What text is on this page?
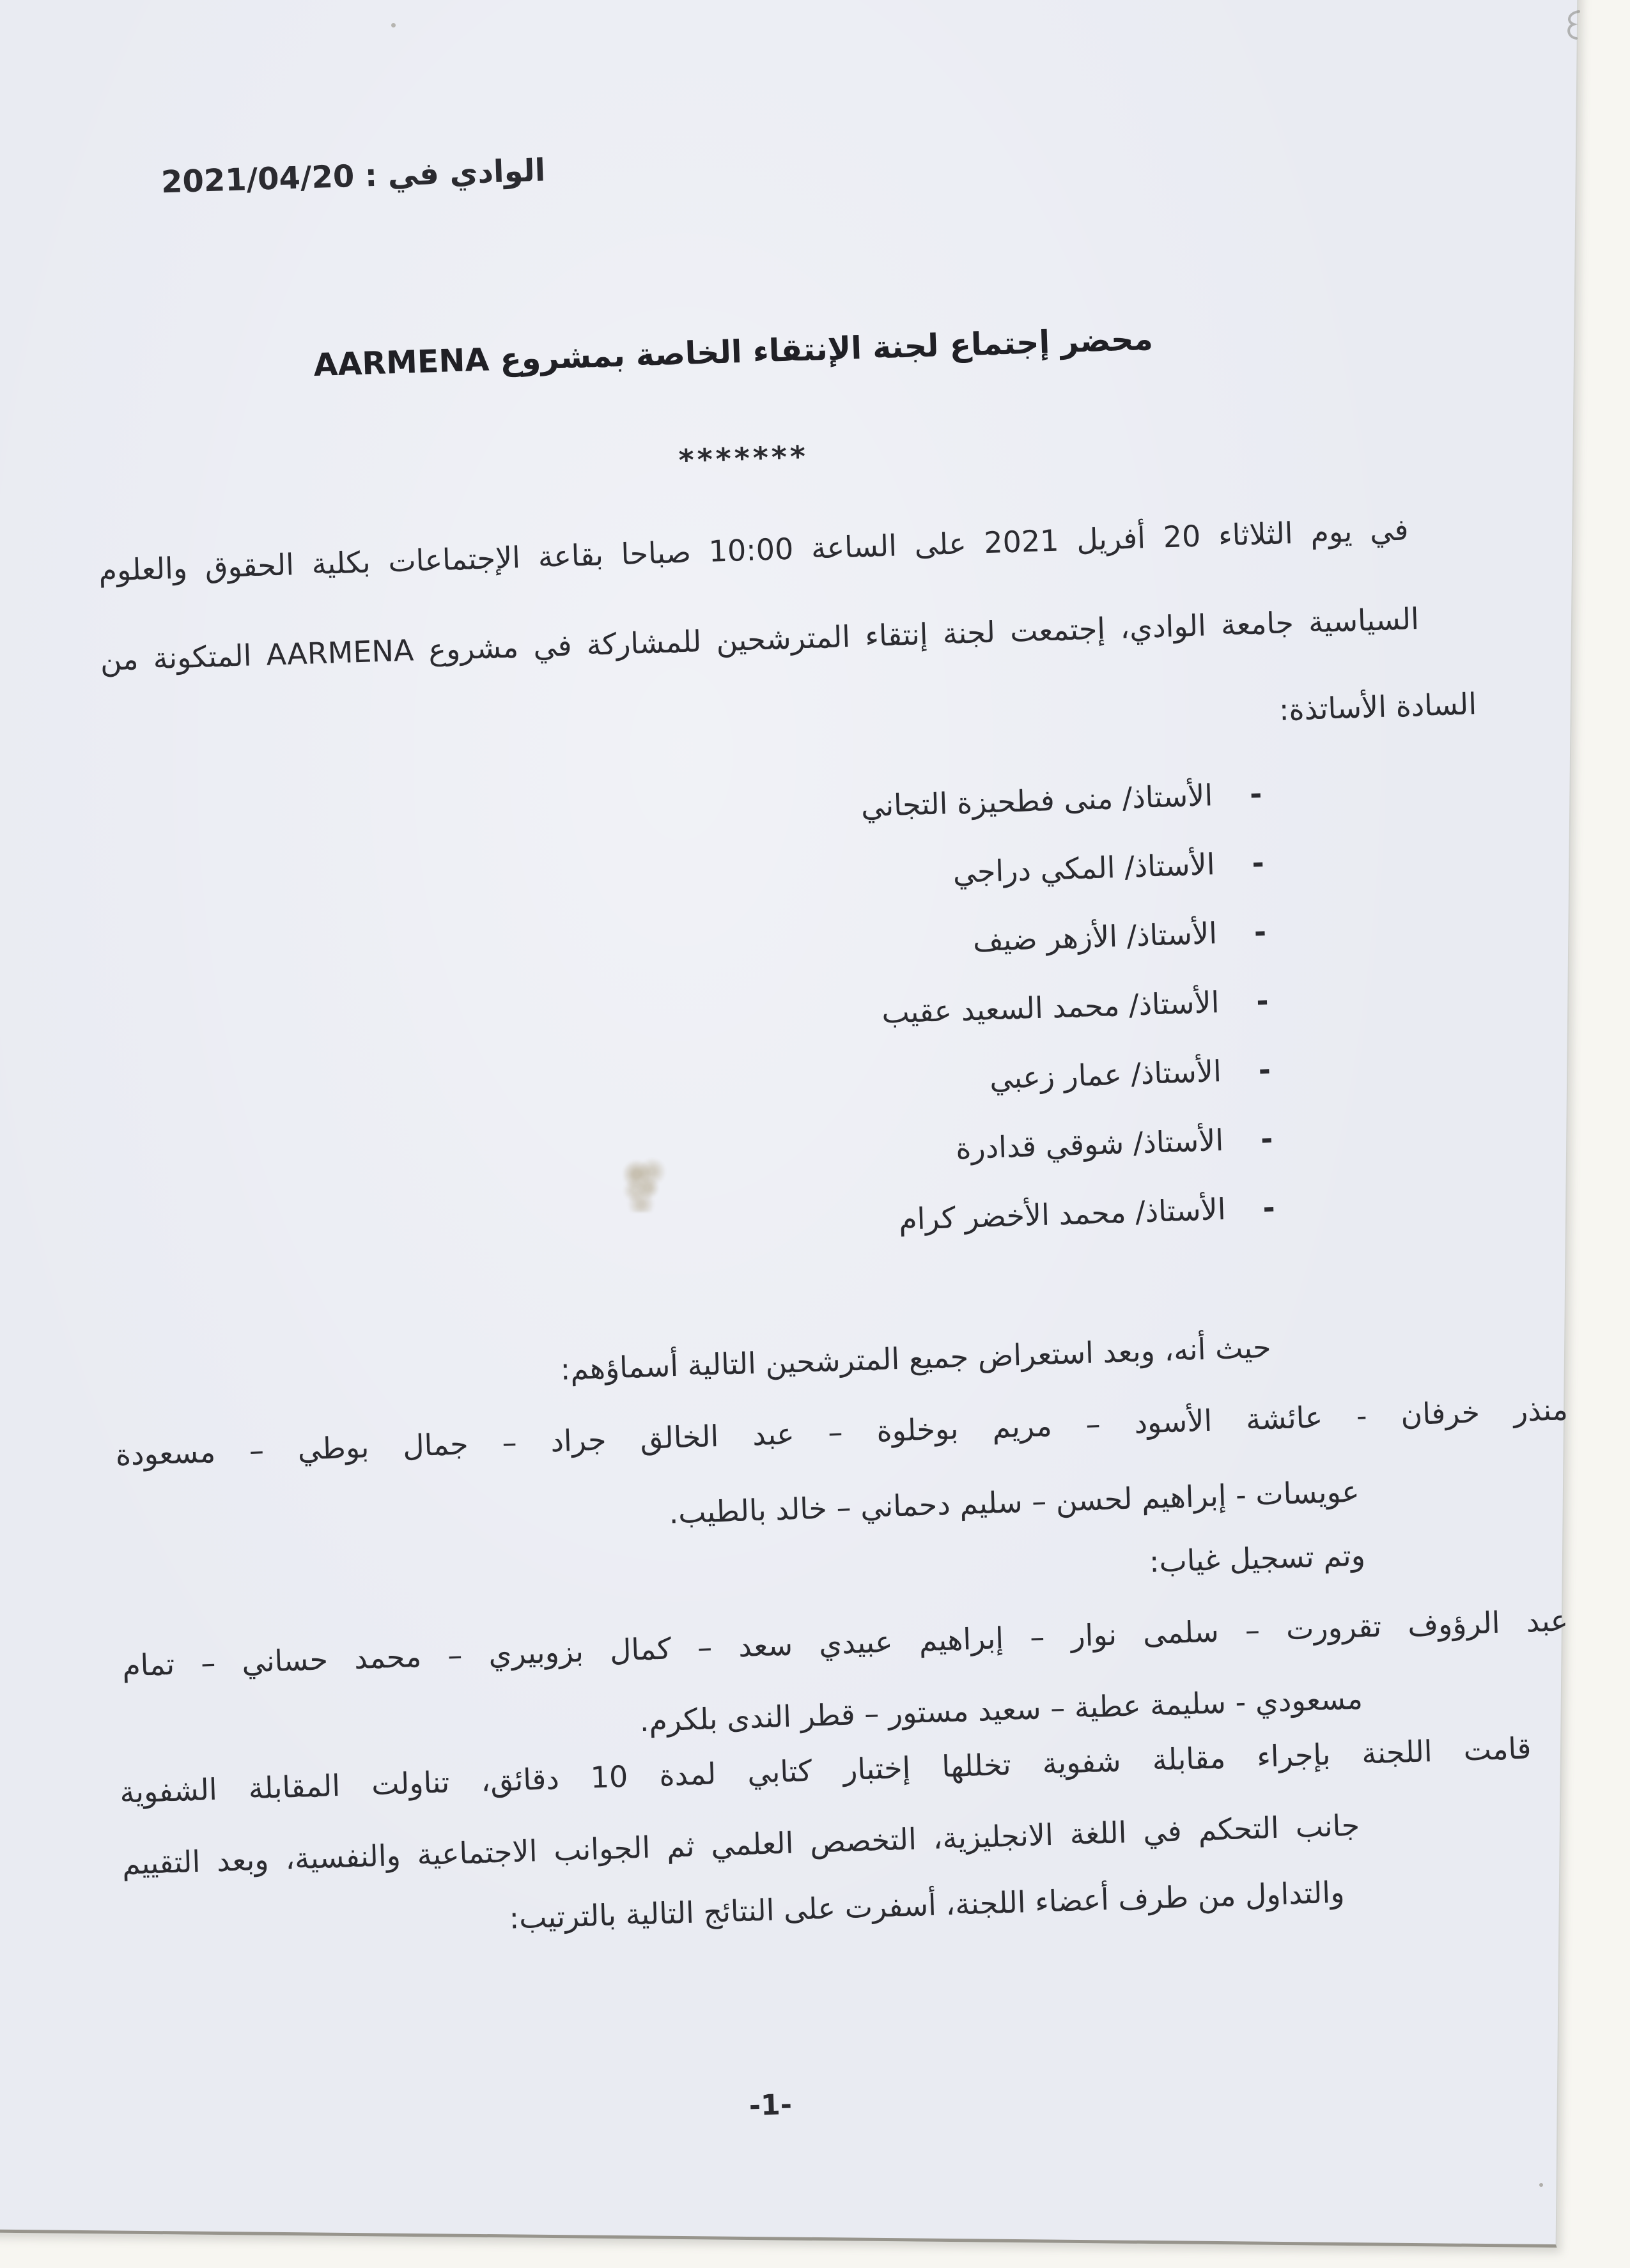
الوادي في : 2021/04/20
محضر إجتماع لجنة الإنتقاء الخاصة بمشروع AARMENA
*******
في يوم الثلاثاء 20 أفريل 2021 على الساعة 10:00 صباحا بقاعة الإجتماعات بكلية الحقوق والعلوم
السياسية جامعة الوادي، إجتمعت لجنة إنتقاء المترشحين للمشاركة في مشروع AARMENA المتكونة من
السادة الأساتذة:
-
الأستاذ/ منى فطحيزة التجاني
-
الأستاذ/ المكي دراجي
-
الأستاذ/ الأزهر ضيف
-
الأستاذ/ محمد السعيد عقيب
-
الأستاذ/ عمار زعبي
-
الأستاذ/ شوقي قدادرة
-
الأستاذ/ محمد الأخضر كرام
حيث أنه، وبعد استعراض جميع المترشحين التالية أسماؤهم:
منذر خرفان - عائشة الأسود – مريم بوخلوة – عبد الخالق جراد – جمال بوطي – مسعودة
عويسات - إبراهيم لحسن – سليم دحماني – خالد بالطيب.
وتم تسجيل غياب:
عبد الرؤوف تقرورت – سلمى نوار – إبراهيم عبيدي سعد – كمال بزوبيري – محمد حساني – تمام
مسعودي - سليمة عطية – سعيد مستور – قطر الندى بلكرم.
قامت اللجنة بإجراء مقابلة شفوية تخللها إختبار كتابي لمدة 10 دقائق، تناولت المقابلة الشفوية
جانب التحكم في اللغة الانجليزية، التخصص العلمي ثم الجوانب الاجتماعية والنفسية، وبعد التقييم
والتداول من طرف أعضاء اللجنة، أسفرت على النتائج التالية بالترتيب:
-1-
